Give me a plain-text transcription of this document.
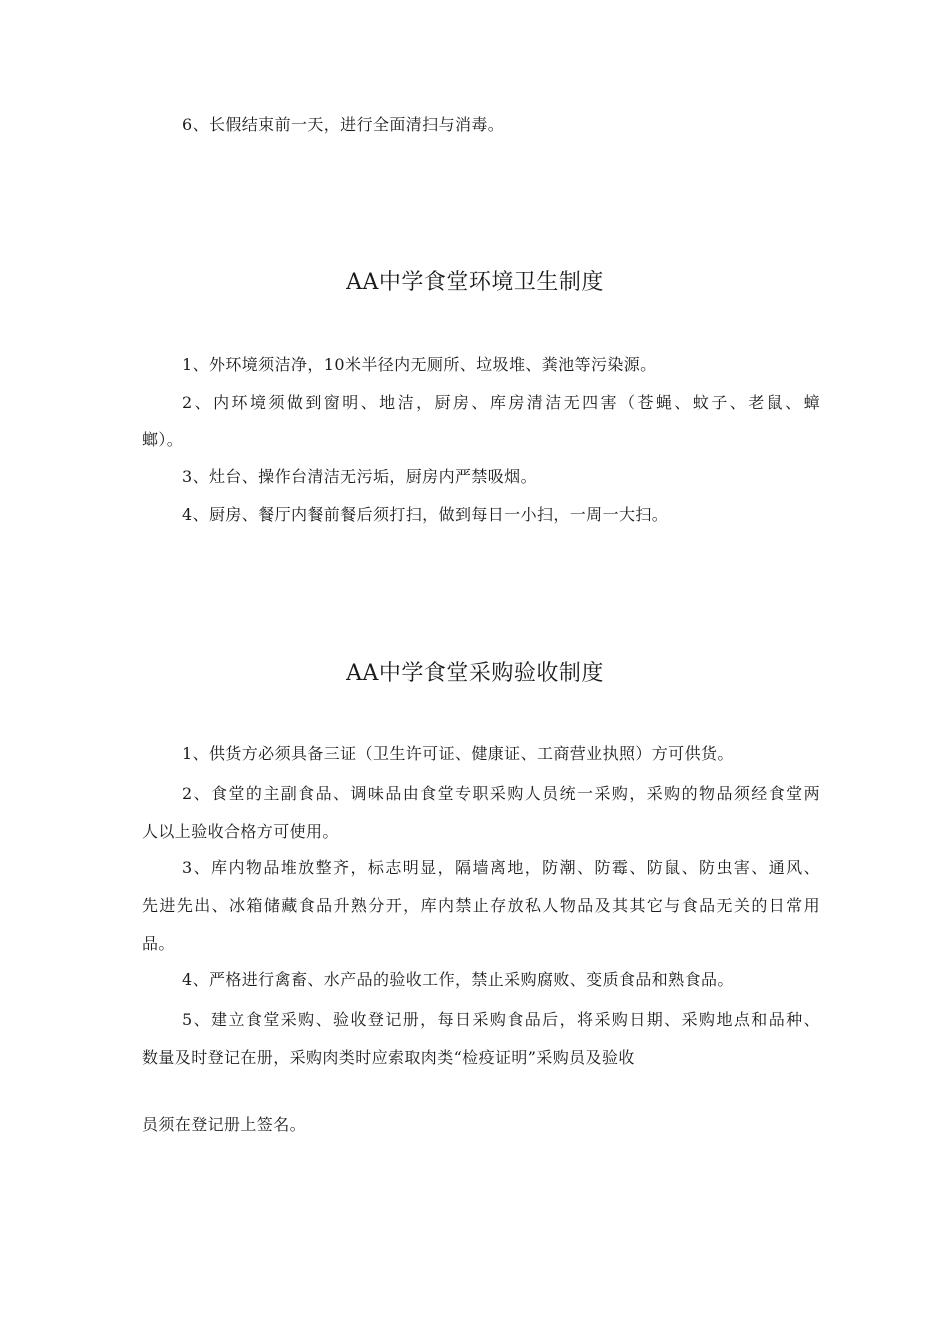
6、长假结束前一天，进行全面清扫与消毒。
AA中学食堂环境卫生制度
1、外环境须洁净，10米半径内无厕所、垃圾堆、粪池等污染源。
2、内环境须做到窗明、地洁，厨房、库房清洁无四害（苍蝇、蚊子、老鼠、蟑
螂）。
3、灶台、操作台清洁无污垢，厨房内严禁吸烟。
4、厨房、餐厅内餐前餐后须打扫，做到每日一小扫，一周一大扫。
AA中学食堂采购验收制度
1、供货方必须具备三证（卫生许可证、健康证、工商营业执照）方可供货。
2、食堂的主副食品、调味品由食堂专职采购人员统一采购，采购的物品须经食堂两
人以上验收合格方可使用。
3、库内物品堆放整齐，标志明显，隔墙离地，防潮、防霉、防鼠、防虫害、通风、
先进先出、冰箱储藏食品升熟分开，库内禁止存放私人物品及其其它与食品无关的日常用
品。
4、严格进行禽畜、水产品的验收工作，禁止采购腐败、变质食品和熟食品。
5、建立食堂采购、验收登记册，每日采购食品后，将采购日期、采购地点和品种、
数量及时登记在册，采购肉类时应索取肉类“检疫证明”采购员及验收
员须在登记册上签名。
